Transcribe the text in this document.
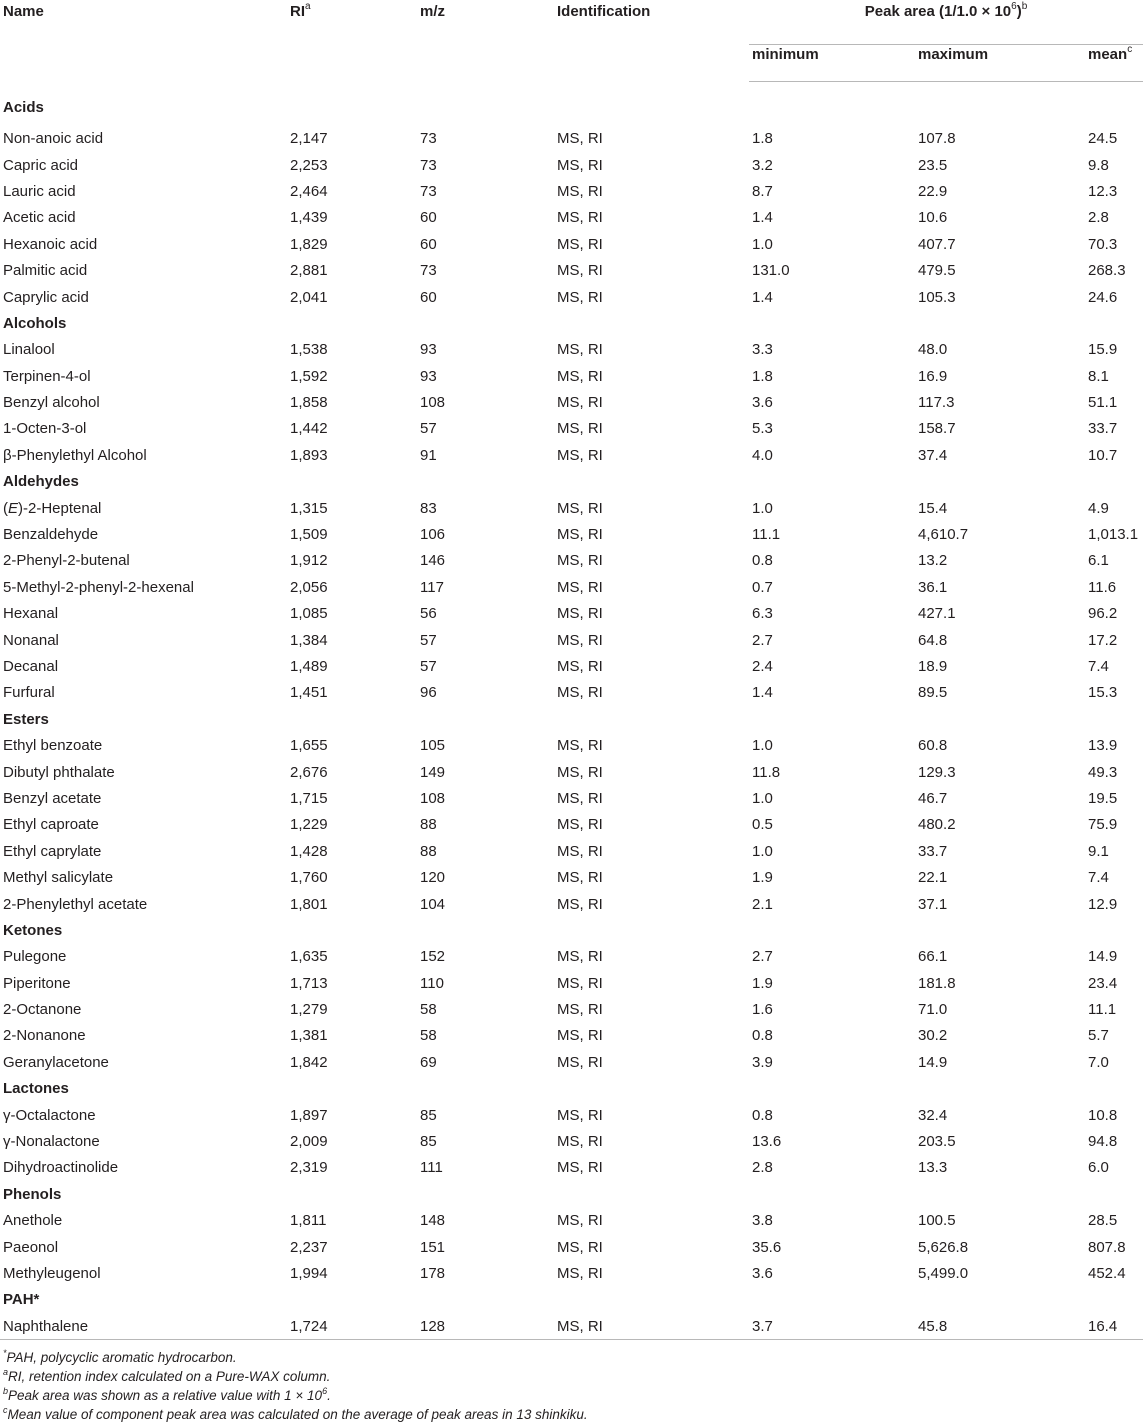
Name	$RI^a$	m/z	Identification	Peak area $(1/1.0 \times 10^6)^b$
				minimum	maximum	mean$^c$
Acids						
Non-anoic acid	2,147	73	MS, RI	1.8	107.8	24.5
Capric acid	2,253	73	MS, RI	3.2	23.5	9.8
Lauric acid	2,464	73	MS, RI	8.7	22.9	12.3
Acetic acid	1,439	60	MS, RI	1.4	10.6	2.8
Hexanoic acid	1,829	60	MS, RI	1.0	407.7	70.3
Palmitic acid	2,881	73	MS, RI	131.0	479.5	268.3
Caprylic acid	2,041	60	MS, RI	1.4	105.3	24.6
Alcohols						
Linalool	1,538	93	MS, RI	3.3	48.0	15.9
Terpinen-4-ol	1,592	93	MS, RI	1.8	16.9	8.1
Benzyl alcohol	1,858	108	MS, RI	3.6	117.3	51.1
1-Octen-3-ol	1,442	57	MS, RI	5.3	158.7	33.7
β-Phenylethyl Alcohol	1,893	91	MS, RI	4.0	37.4	10.7
Aldehydes						
(E)-2-Heptenal	1,315	83	MS, RI	1.0	15.4	4.9
Benzaldehyde	1,509	106	MS, RI	11.1	4,610.7	1,013.1
2-Phenyl-2-butenal	1,912	146	MS, RI	0.8	13.2	6.1
5-Methyl-2-phenyl-2-hexenal	2,056	117	MS, RI	0.7	36.1	11.6
Hexanal	1,085	56	MS, RI	6.3	427.1	96.2
Nonanal	1,384	57	MS, RI	2.7	64.8	17.2
Decanal	1,489	57	MS, RI	2.4	18.9	7.4
Furfural	1,451	96	MS, RI	1.4	89.5	15.3
Esters						
Ethyl benzoate	1,655	105	MS, RI	1.0	60.8	13.9
Dibutyl phthalate	2,676	149	MS, RI	11.8	129.3	49.3
Benzyl acetate	1,715	108	MS, RI	1.0	46.7	19.5
Ethyl caproate	1,229	88	MS, RI	0.5	480.2	75.9
Ethyl caprylate	1,428	88	MS, RI	1.0	33.7	9.1
Methyl salicylate	1,760	120	MS, RI	1.9	22.1	7.4
2-Phenylethyl acetate	1,801	104	MS, RI	2.1	37.1	12.9
Ketones						
Pulegone	1,635	152	MS, RI	2.7	66.1	14.9
Piperitone	1,713	110	MS, RI	1.9	181.8	23.4
2-Octanone	1,279	58	MS, RI	1.6	71.0	11.1
2-Nonanone	1,381	58	MS, RI	0.8	30.2	5.7
Geranylacetone	1,842	69	MS, RI	3.9	14.9	7.0
Lactones						
γ-Octalactone	1,897	85	MS, RI	0.8	32.4	10.8
γ-Nonalactone	2,009	85	MS, RI	13.6	203.5	94.8
Dihydroactinolide	2,319	111	MS, RI	2.8	13.3	6.0
Phenols						
Anethole	1,811	148	MS, RI	3.8	100.5	28.5
Paeonol	2,237	151	MS, RI	35.6	5,626.8	807.8
Methyleugenol	1,994	178	MS, RI	3.6	5,499.0	452.4
PAH*						
Naphthalene	1,724	128	MS, RI	3.7	45.8	16.4
*PAH, polycyclic aromatic hydrocarbon.
$^a$RI, retention index calculated on a Pure-WAX column.
$^b$Peak area was shown as a relative value with $1 \times 10^6$.
$^c$Mean value of component peak area was calculated on the average of peak areas in 13 shinkiku.
